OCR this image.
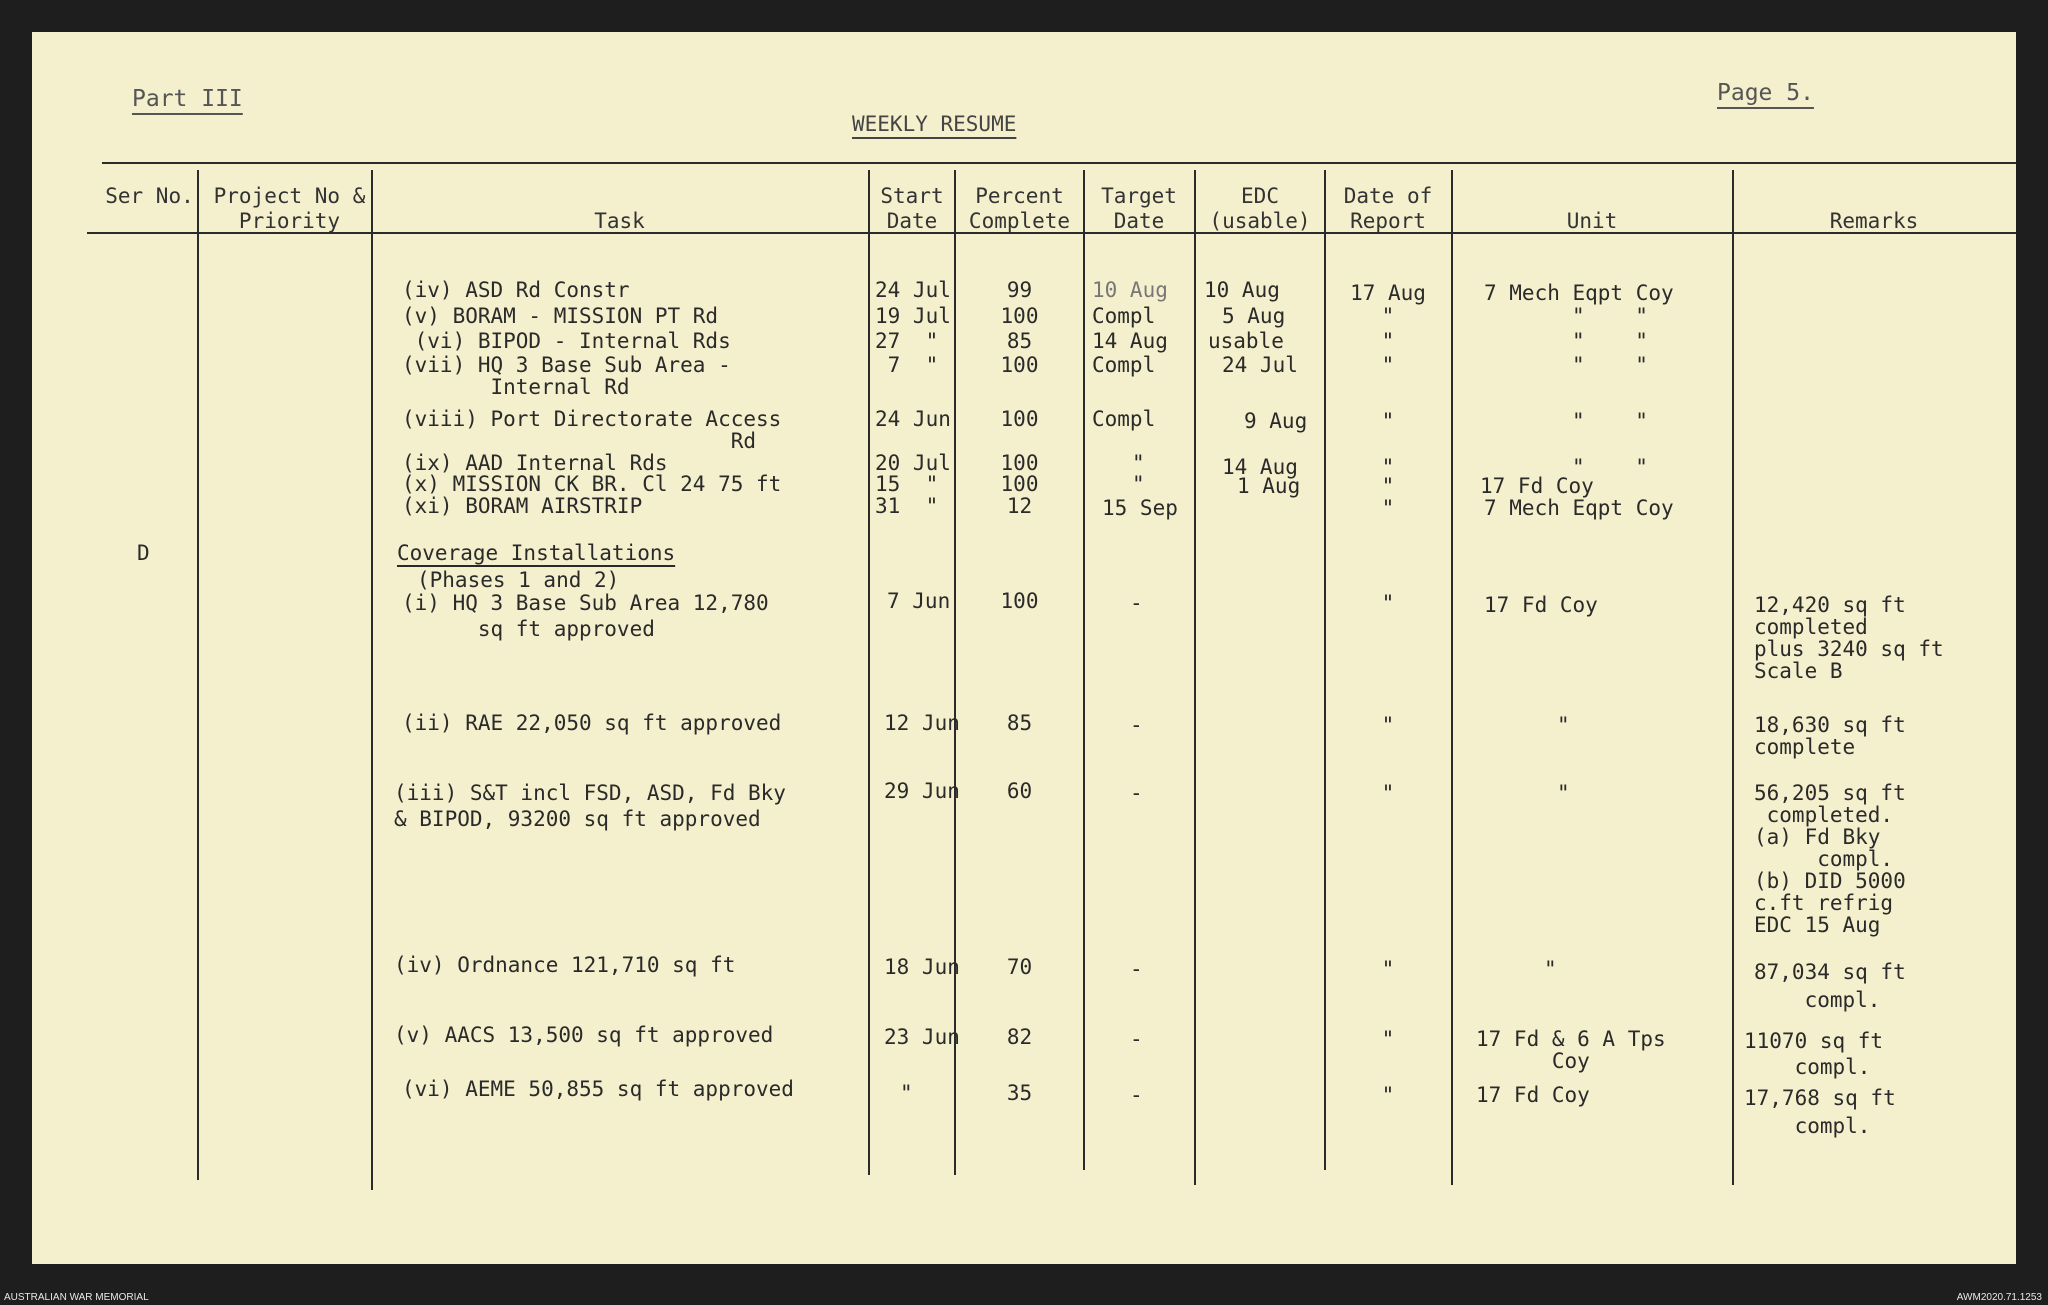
Part III	Page 5.
WEEKLY RESUME
Ser No. Project No & Priority	Task
Start Date
Percent Complete
Target Date
EDC (usable)
Date of Report	Unit	Remarks
D	Coverage Installations
(Phases 1 and 2)
(iv) ASD Rd Constr	24 Jul	99	10 Aug 10 Aug	17 Aug	7 Mech Eqpt Coy
(v) BORAM - MISSION PT Rd	19 Jul	100	Compl	5 Aug	"	"    "
(vi) BIPOD - Internal Rds	27  "	85	14 Aug usable	"	"    "
(vii) HQ 3 Base Sub Area -
Internal Rd
7  "	100	Compl	24 Jul	"	"    "
(viii) Port Directorate Access
Rd
24 Jun	100	Compl	9 Aug	"	"    "
(ix) AAD Internal Rds	20 Jul	100	"	14 Aug	"	"    "
(x) MISSION CK BR. Cl 24 75 ft	15  "	100	"	1 Aug	"	17 Fd Coy
(xi) BORAM AIRSTRIP	31  "	12	15 Sep	"	7 Mech Eqpt Coy
(i) HQ 3 Base Sub Area 12,780
sq ft approved
7 Jun	100	-	"	17 Fd Coy	12,420 sq ft
completed
plus 3240 sq ft
Scale B
(ii) RAE 22,050 sq ft approved	12 Jun	85	-	"	"	18,630 sq ft
complete
(iii) S&T incl FSD, ASD, Fd Bky
& BIPOD, 93200 sq ft approved
29 Jun	60	-	"	"	56,205 sq ft
completed.
(a) Fd Bky
compl.
(b) DID 5000
c.ft refrig
EDC 15 Aug
(iv) Ordnance 121,710 sq ft	18 Jun	70	-	"	"	87,034 sq ft
compl.
(v) AACS 13,500 sq ft approved	23 Jun	82	-	"	17 Fd & 6 A Tps
Coy
11070 sq ft
compl.
(vi) AEME 50,855 sq ft approved	"	35	-	"	17 Fd Coy	17,768 sq ft
compl.
AUSTRALIAN WAR MEMORIAL	AWM2020.71.1253
